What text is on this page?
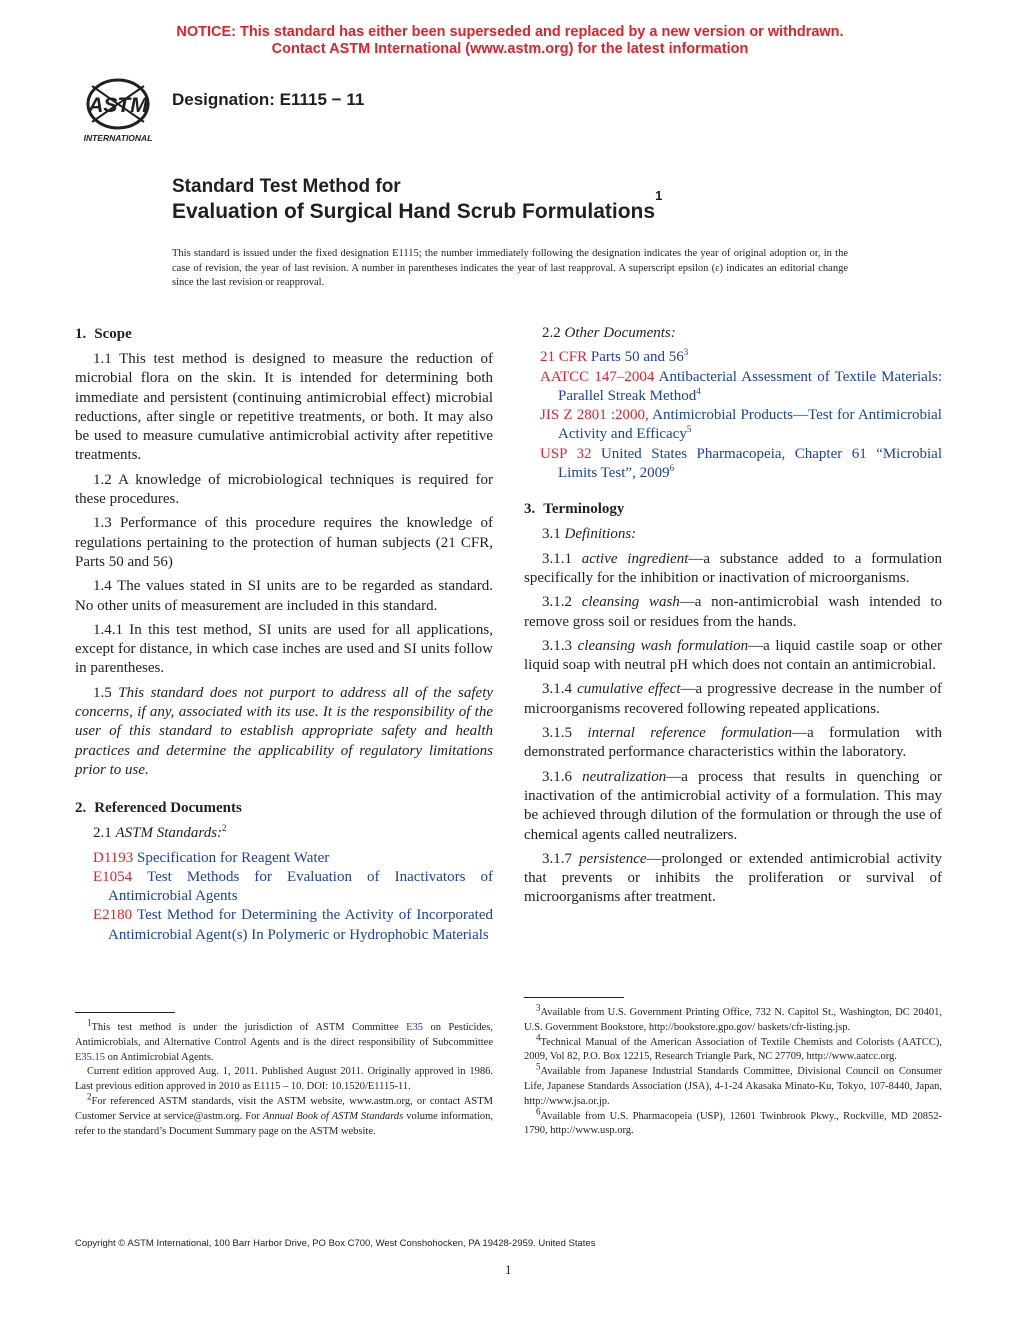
NOTICE: This standard has either been superseded and replaced by a new version or withdrawn.
Contact ASTM International (www.astm.org) for the latest information
ASTM
INTERNATIONAL
Designation: E1115 − 11
Standard Test Method for
Evaluation of Surgical Hand Scrub Formulations$^1$
This standard is issued under the fixed designation E1115; the number immediately following the designation indicates the year of original adoption or, in the case of revision, the year of last revision. A number in parentheses indicates the year of last reapproval. A superscript epsilon (ε) indicates an editorial change since the last revision or reapproval.
1. Scope

1.1 This test method is designed to measure the reduction of microbial flora on the skin. It is intended for determining both immediate and persistent (continuing antimicrobial effect) microbial reductions, after single or repetitive treatments, or both. It may also be used to measure cumulative antimicrobial activity after repetitive treatments.

1.2 A knowledge of microbiological techniques is required for these procedures.

1.3 Performance of this procedure requires the knowledge of regulations pertaining to the protection of human subjects (21 CFR, Parts 50 and 56)

1.4 The values stated in SI units are to be regarded as standard. No other units of measurement are included in this standard.

1.4.1 In this test method, SI units are used for all applications, except for distance, in which case inches are used and SI units follow in parentheses.

1.5 This standard does not purport to address all of the safety concerns, if any, associated with its use. It is the responsibility of the user of this standard to establish appropriate safety and health practices and determine the applicability of regulatory limitations prior to use.

2. Referenced Documents

2.1 ASTM Standards:$^2$

D1193 Specification for Reagent Water
E1054 Test Methods for Evaluation of Inactivators of Antimicrobial Agents
E2180 Test Method for Determining the Activity of Incorporated Antimicrobial Agent(s) In Polymeric or Hydrophobic Materials

2.2 Other Documents:

21 CFR Parts 50 and $56^3$
AATCC 147–2004 Antibacterial Assessment of Textile Materials: Parallel Streak Method$^4$
JIS Z 2801 :2000, Antimicrobial Products—Test for Antimicrobial Activity and Efficacy$^5$
USP 32 United States Pharmacopeia, Chapter 61 “Microbial Limits Test”, 2009$^6$
3. Terminology

3.1 Definitions:

3.1.1 active ingredient—a substance added to a formulation specifically for the inhibition or inactivation of microorganisms.

3.1.2 cleansing wash—a non-antimicrobial wash intended to remove gross soil or residues from the hands.

3.1.3 cleansing wash formulation—a liquid castile soap or other liquid soap with neutral pH which does not contain an antimicrobial.

3.1.4 cumulative effect—a progressive decrease in the number of microorganisms recovered following repeated applications.

3.1.5 internal reference formulation—a formulation with demonstrated performance characteristics within the laboratory.

3.1.6 neutralization—a process that results in quenching or inactivation of the antimicrobial activity of a formulation. This may be achieved through dilution of the formulation or through the use of chemical agents called neutralizers.

3.1.7 persistence—prolonged or extended antimicrobial activity that prevents or inhibits the proliferation or survival of microorganisms after treatment.

$^1$This test method is under the jurisdiction of ASTM Committee E35 on Pesticides, Antimicrobials, and Alternative Control Agents and is the direct responsibility of Subcommittee E35.15 on Antimicrobial Agents.

Current edition approved Aug. 1, 2011. Published August 2011. Originally approved in 1986. Last previous edition approved in 2010 as E1115 – 10. DOI: 10.1520/E1115-11.

$^2$For referenced ASTM standards, visit the ASTM website, www.astm.org, or contact ASTM Customer Service at service@astm.org. For Annual Book of ASTM Standards volume information, refer to the standard’s Document Summary page on the ASTM website.

$^3$Available from U.S. Government Printing Office, 732 N. Capitol St., Washington, DC 20401, U.S. Government Bookstore, http://bookstore.gpo.gov/ baskets/cfr-listing.jsp.

$^4$Technical Manual of the American Association of Textile Chemists and Colorists (AATCC), 2009, Vol 82, P.O. Box 12215, Research Triangle Park, NC 27709, http://www.aatcc.org.

$^5$Available from Japanese Industrial Standards Committee, Divisional Council on Consumer Life, Japanese Standards Association (JSA), 4-1-24 Akasaka Minato-Ku, Tokyo, 107-8440, Japan, http://www.jsa.or.jp.

$^6$Available from U.S. Pharmacopeia (USP), 12601 Twinbrook Pkwy., Rockville, MD 20852-1790, http://www.usp.org.

Copyright © ASTM International, 100 Barr Harbor Drive, PO Box C700, West Conshohocken, PA 19428-2959. United States
1
